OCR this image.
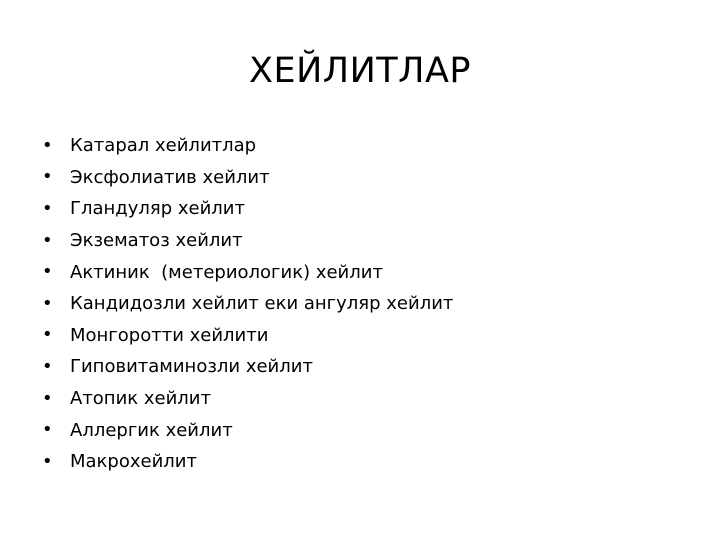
ХЕЙЛИТЛАР
• Катарал хейлитлар
• Эксфолиатив хейлит
• Гландуляр хейлит
• Экзематоз хейлит
• Актиник  (метериологик) хейлит
• Кандидозли хейлит еки ангуляр хейлит
• Монгоротти хейлити
• Гиповитаминозли хейлит
• Атопик хейлит
• Аллергик хейлит
• Макрохейлит
